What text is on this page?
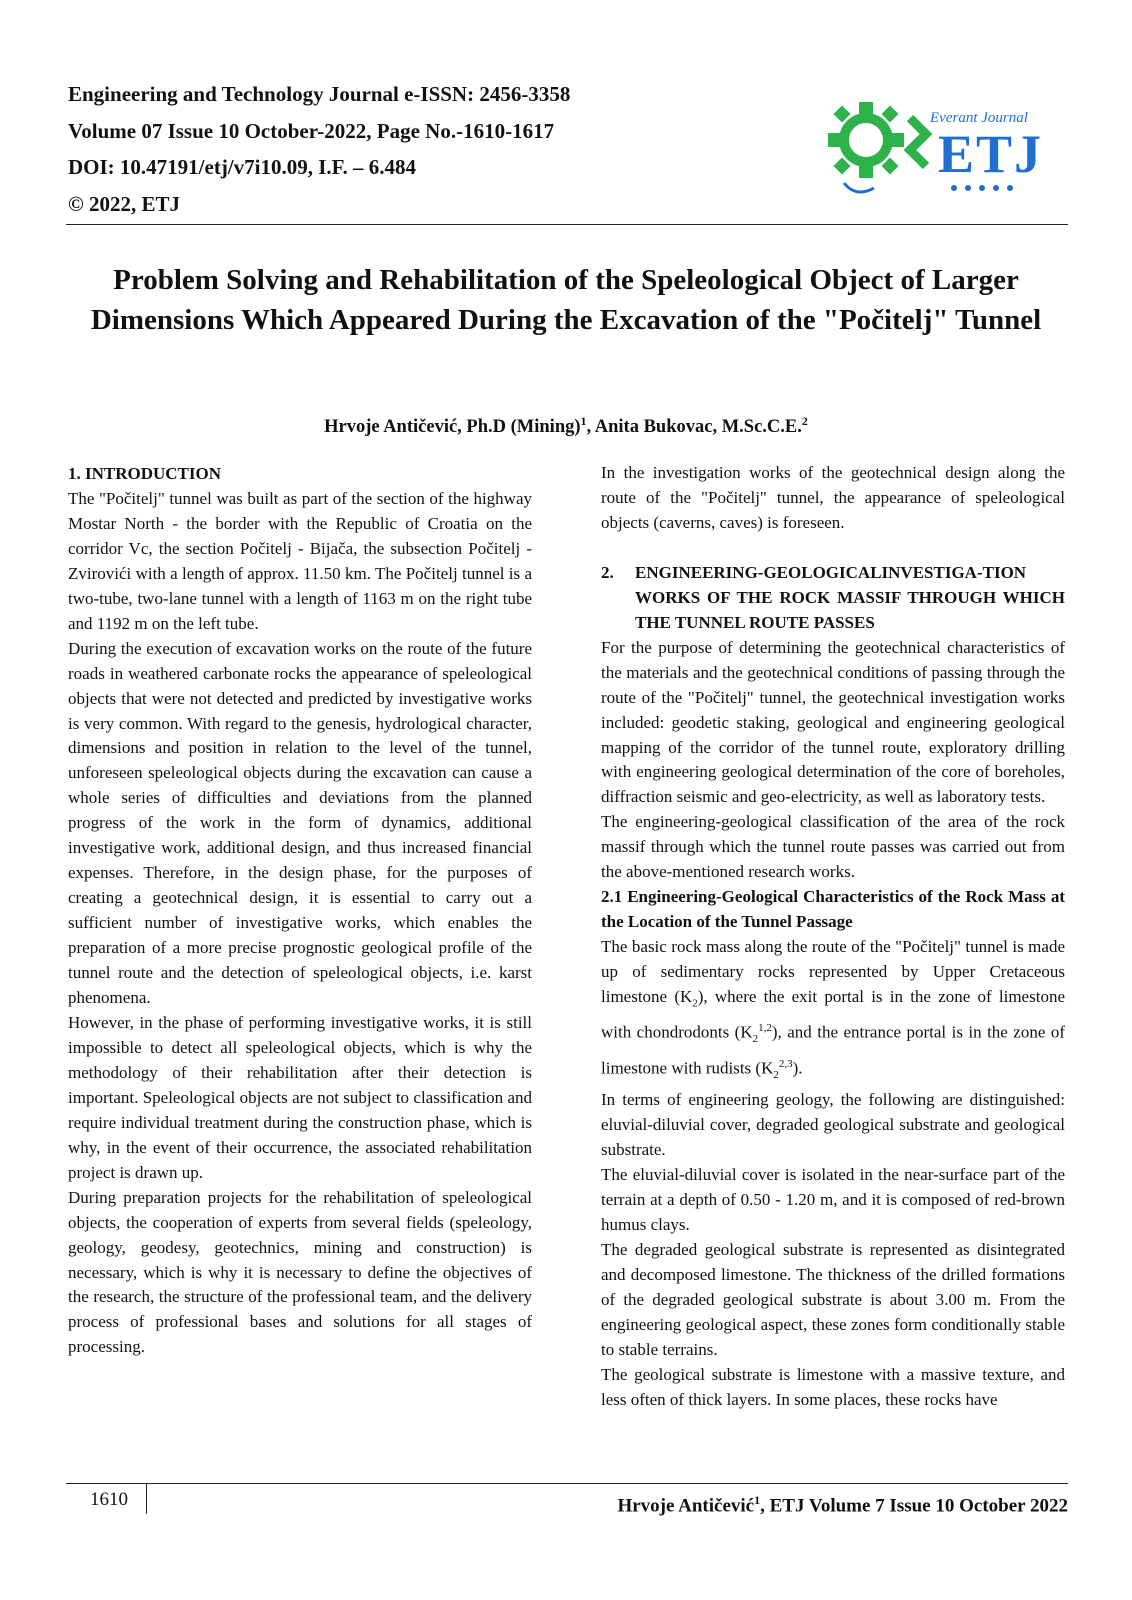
Engineering and Technology Journal e-ISSN: 2456-3358
Volume 07 Issue 10 October-2022, Page No.-1610-1617
DOI: 10.47191/etj/v7i10.09, I.F. – 6.484
© 2022, ETJ
Everant Journal
ETJ
Problem Solving and Rehabilitation of the Speleological Object of Larger Dimensions Which Appeared During the Excavation of the "Počitelj" Tunnel
Hrvoje Antičević, Ph.D (Mining)$^1$, Anita Bukovac, M.Sc.C.E.$^2$

1. INTRODUCTION

The "Počitelj" tunnel was built as part of the section of the highway Mostar North - the border with the Republic of Croatia on the corridor Vc, the section Počitelj - Bijača, the subsection Počitelj - Zvirovići with a length of approx. 11.50 km. The Počitelj tunnel is a two-tube, two-lane tunnel with a length of 1163 m on the right tube and 1192 m on the left tube.

During the execution of excavation works on the route of the future roads in weathered carbonate rocks the appearance of speleological objects that were not detected and predicted by investigative works is very common. With regard to the genesis, hydrological character, dimensions and position in relation to the level of the tunnel, unforeseen speleological objects during the excavation can cause a whole series of difficulties and deviations from the planned progress of the work in the form of dynamics, additional investigative work, additional design, and thus increased financial expenses. Therefore, in the design phase, for the purposes of creating a geotechnical design, it is essential to carry out a sufficient number of investigative works, which enables the preparation of a more precise prognostic geological profile of the tunnel route and the detection of speleological objects, i.e. karst phenomena.

However, in the phase of performing investigative works, it is still impossible to detect all speleological objects, which is why the methodology of their rehabilitation after their detection is important. Speleological objects are not subject to classification and require individual treatment during the construction phase, which is why, in the event of their occurrence, the associated rehabilitation project is drawn up.

During preparation projects for the rehabilitation of speleological objects, the cooperation of experts from several fields (speleology, geology, geodesy, geotechnics, mining and construction) is necessary, which is why it is necessary to define the objectives of the research, the structure of the professional team, and the delivery process of professional bases and solutions for all stages of processing.

In the investigation works of the geotechnical design along the route of the "Počitelj" tunnel, the appearance of speleological objects (caverns, caves) is foreseen.

2.	ENGINEERING-GEOLOGICALINVESTIGA-TION WORKS OF THE ROCK MASSIF THROUGH WHICH THE TUNNEL ROUTE PASSES

For the purpose of determining the geotechnical characteristics of the materials and the geotechnical conditions of passing through the route of the "Počitelj" tunnel, the geotechnical investigation works included: geodetic staking, geological and engineering geological mapping of the corridor of the tunnel route, exploratory drilling with engineering geological determination of the core of boreholes, diffraction seismic and geo-electricity, as well as laboratory tests.

The engineering-geological classification of the area of the rock massif through which the tunnel route passes was carried out from the above-mentioned research works.

2.1 Engineering-Geological Characteristics of the Rock Mass at the Location of the Tunnel Passage

The basic rock mass along the route of the "Počitelj" tunnel is made up of sedimentary rocks represented by Upper Cretaceous limestone $(K_2)$, where the exit portal is in the zone of limestone with chondrodonts $(K_2^{1,2})$, and the entrance portal is in the zone of limestone with rudists $(K_2^{2,3})$.

In terms of engineering geology, the following are distinguished: eluvial-diluvial cover, degraded geological substrate and geological substrate.

The eluvial-diluvial cover is isolated in the near-surface part of the terrain at a depth of 0.50 - 1.20 m, and it is composed of red-brown humus clays.

The degraded geological substrate is represented as disintegrated and decomposed limestone. The thickness of the drilled formations of the degraded geological substrate is about 3.00 m. From the engineering geological aspect, these zones form conditionally stable to stable terrains.

The geological substrate is limestone with a massive texture, and less often of thick layers. In some places, these rocks have

1610	Hrvoje Antičević$^1$, ETJ Volume 7 Issue 10 October 2022
